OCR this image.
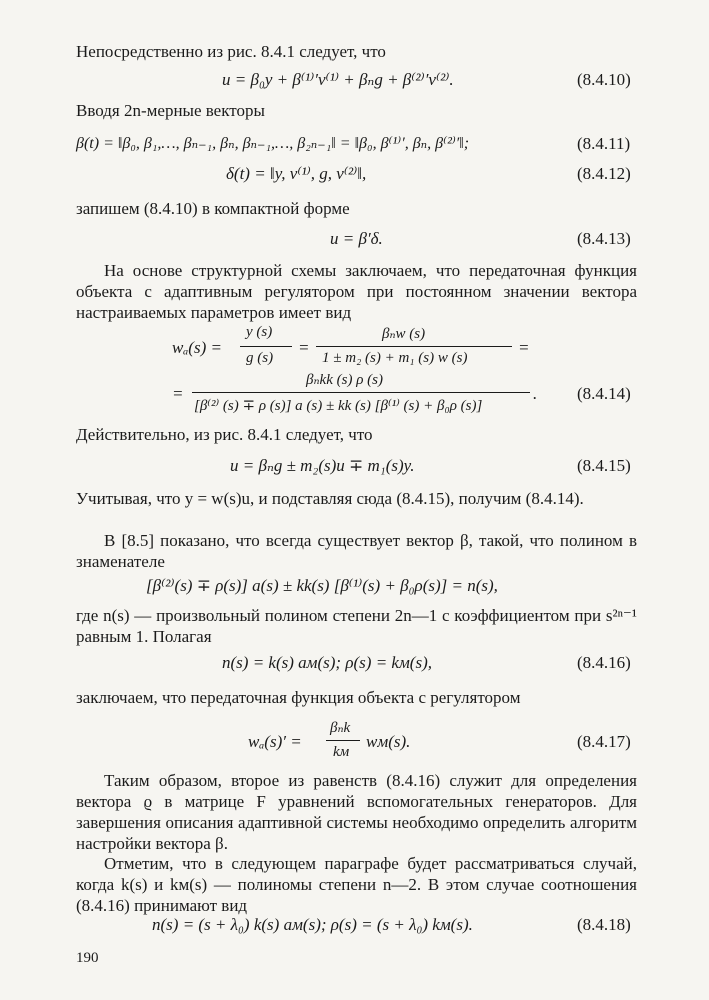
Непосредственно из рис. 8.4.1 следует, что
u = β₀y + β⁽¹⁾′v⁽¹⁾ + βₙg + β⁽²⁾′v⁽²⁾.	(8.4.10)
Вводя 2n-мерные векторы
β(t) = ‖β₀, β₁,…, βₙ₋₁, βₙ, βₙ₋₁,…, β₂ₙ₋₁‖ = ‖β₀, β⁽¹⁾′, βₙ, β⁽²⁾′‖;	(8.4.11)
δ(t) = ‖y, v⁽¹⁾, g, v⁽²⁾‖,	(8.4.12)
запишем (8.4.10) в компактной форме
u = β′δ.	(8.4.13)
На основе структурной схемы заключаем, что передаточная функция объекта с адаптивным регулятором при постоянном значении вектора настраиваемых параметров имеет вид
wₐ(s) =
y (s)
g (s)
=
βₙw (s)
1 ± m₂ (s) + m₁ (s) w (s)
=
=
βₙkk (s) ρ (s)
[β⁽²⁾ (s) ∓ ρ (s)] a (s) ± kk (s) [β⁽¹⁾ (s) + β₀ρ (s)]
. (8.4.14)
Действительно, из рис. 8.4.1 следует, что
u = βₙg ± m₂(s)u ∓ m₁(s)y.	(8.4.15)
Учитывая, что y = w(s)u, и подставляя сюда (8.4.15), получим (8.4.14).
В [8.5] показано, что всегда существует вектор β, такой, что полином в знаменателе
[β⁽²⁾(s) ∓ ρ(s)] a(s) ± kk(s) [β⁽¹⁾(s) + β₀ρ(s)] = n(s),
где n(s) — произвольный полином степени 2n—1 с коэффициентом при s²ⁿ⁻¹ равным 1. Полагая
n(s) = k(s) aм(s); ρ(s) = kм(s),	(8.4.16)
заключаем, что передаточная функция объекта с регулятором
wₐ(s)′ =
βₙk
kм
wм(s).	(8.4.17)
Таким образом, второе из равенств (8.4.16) служит для определения вектора ϱ в матрице F уравнений вспомогательных генераторов. Для завершения описания адаптивной системы необходимо определить алгоритм настройки вектора β.
Отметим, что в следующем параграфе будет рассматриваться случай, когда k(s) и kм(s) — полиномы степени n—2. В этом случае соотношения (8.4.16) принимают вид
n(s) = (s + λ₀) k(s) aм(s); ρ(s) = (s + λ₀) kм(s).	(8.4.18)
190
